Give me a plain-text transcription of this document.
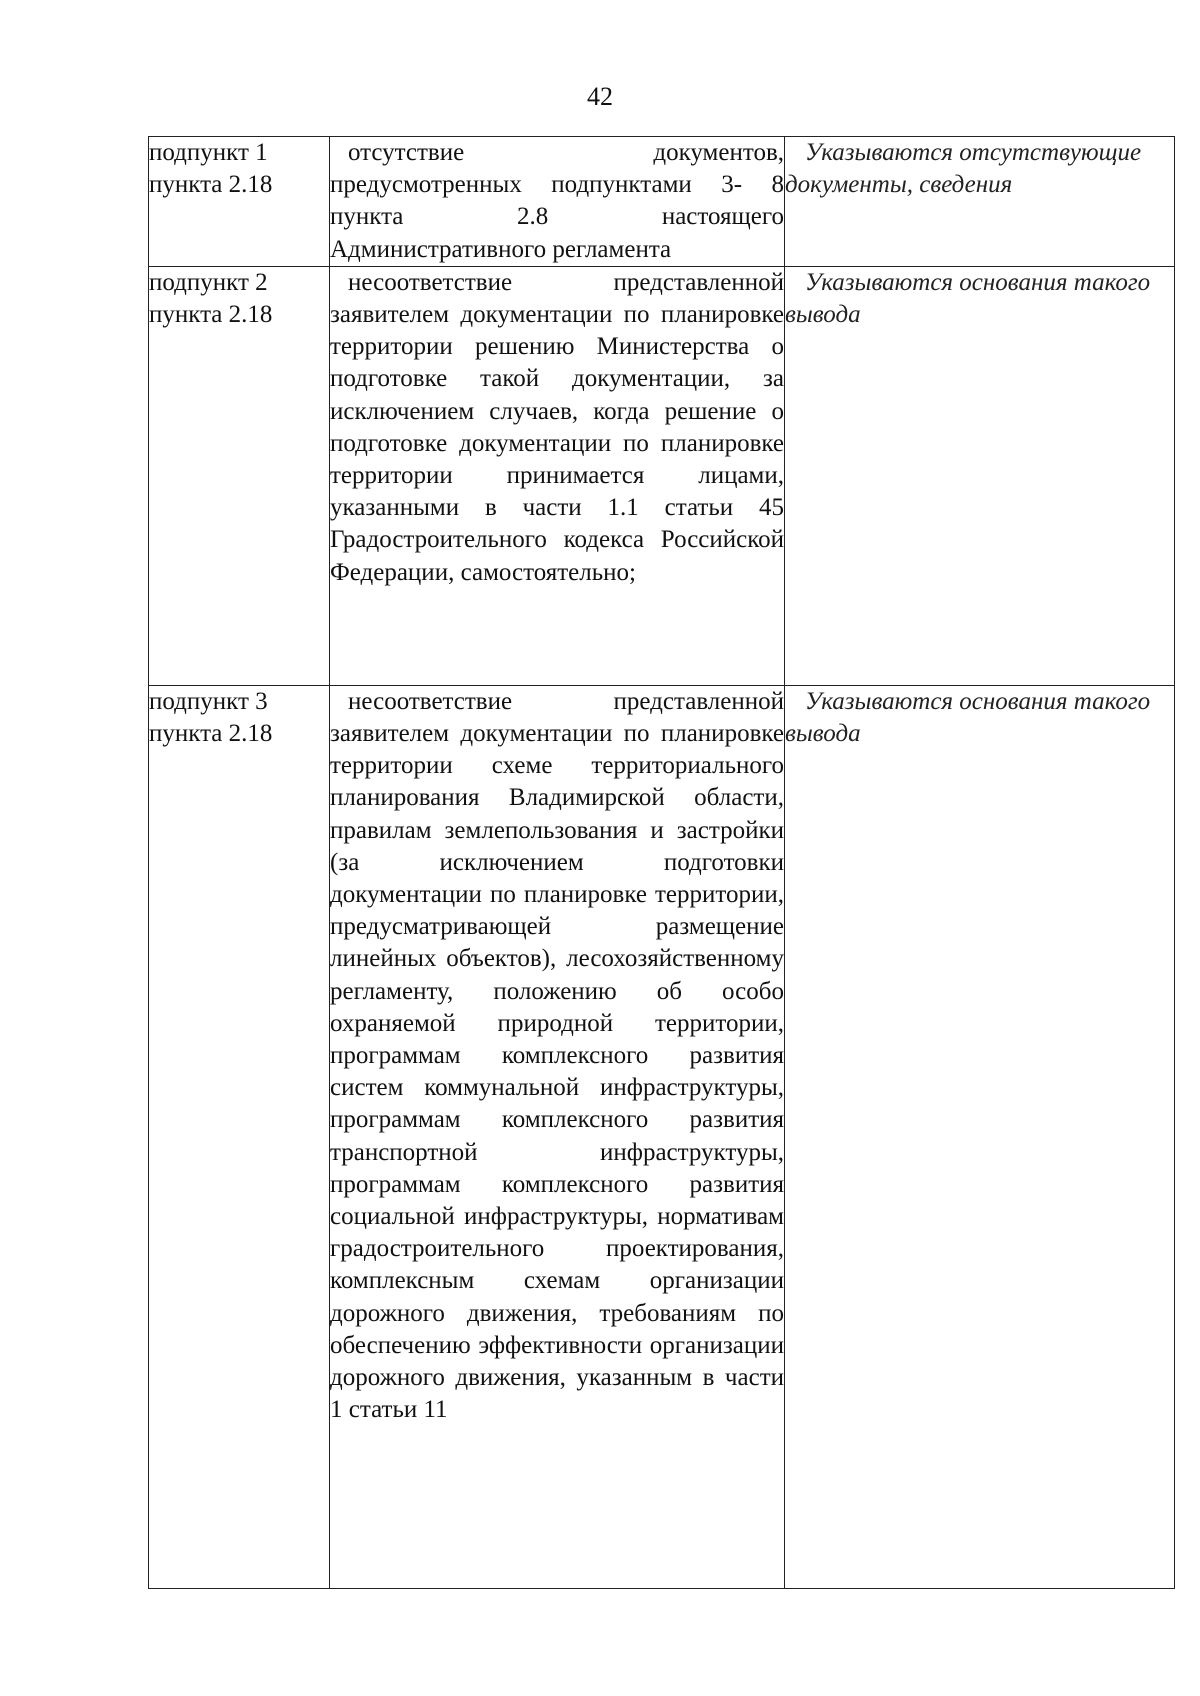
42
подпункт 1 пункта 2.18	отсутствие документов, предусмотренных подпунктами 3- 8 пункта 2.8 настоящего Административного регламента	Указываются отсутствующие документы, сведения
подпункт 2 пункта 2.18	несоответствие представленной заявителем документации по планировке территории решению Министерства о подготовке такой документации, за исключением случаев, когда решение о подготовке документации по планировке территории принимается лицами, указанными в части 1.1 статьи 45 Градостроительного кодекса Российской Федерации, самостоятельно;	Указываются основания такого вывода
подпункт 3 пункта 2.18	несоответствие представленной заявителем документации по планировке территории схеме территориального планирования Владимирской области, правилам землепользования и застройки (за исключением подготовки документации по планировке территории, предусматривающей размещение линейных объектов), лесохозяйственному регламенту, положению об особо охраняемой природной территории, программам комплексного развития систем коммунальной инфраструктуры, программам комплексного развития транспортной инфраструктуры, программам комплексного развития социальной инфраструктуры, нормативам градостроительного проектирования, комплексным схемам организации дорожного движения, требованиям по обеспечению эффективности организации дорожного движения, указанным в части 1 статьи 11	Указываются основания такого вывода
